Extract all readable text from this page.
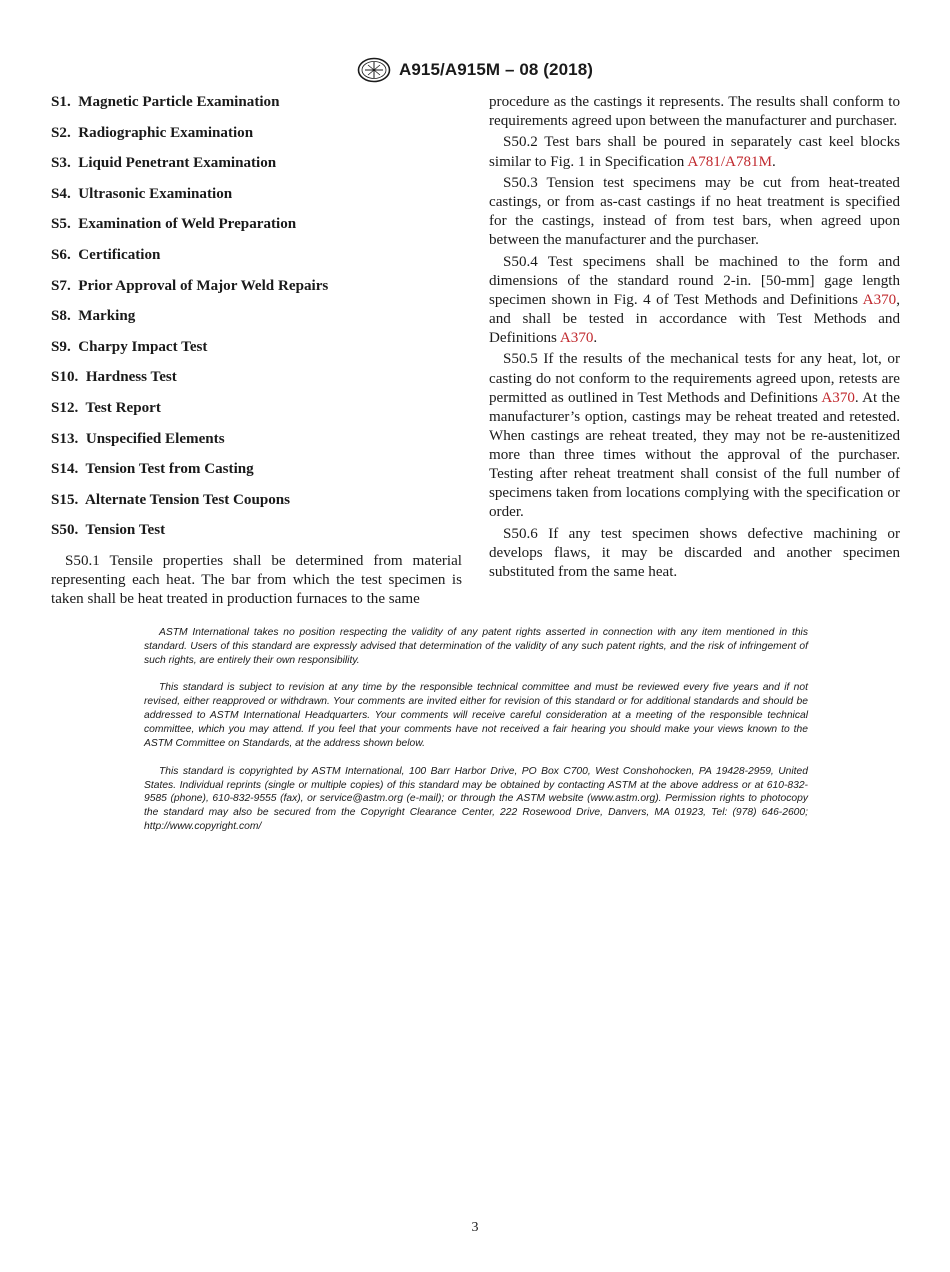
A915/A915M – 08 (2018)
S1. Magnetic Particle Examination
S2. Radiographic Examination
S3. Liquid Penetrant Examination
S4. Ultrasonic Examination
S5. Examination of Weld Preparation
S6. Certification
S7. Prior Approval of Major Weld Repairs
S8. Marking
S9. Charpy Impact Test
S10. Hardness Test
S12. Test Report
S13. Unspecified Elements
S14. Tension Test from Casting
S15. Alternate Tension Test Coupons
S50. Tension Test

S50.1 Tensile properties shall be determined from material representing each heat. The bar from which the test specimen is taken shall be heat treated in production furnaces to the same

procedure as the castings it represents. The results shall conform to requirements agreed upon between the manufacturer and purchaser.

S50.2 Test bars shall be poured in separately cast keel blocks similar to Fig. 1 in Specification A781/A781M.

S50.3 Tension test specimens may be cut from heat-treated castings, or from as-cast castings if no heat treatment is specified for the castings, instead of from test bars, when agreed upon between the manufacturer and the purchaser.

S50.4 Test specimens shall be machined to the form and dimensions of the standard round 2-in. [50-mm] gage length specimen shown in Fig. 4 of Test Methods and Definitions A370, and shall be tested in accordance with Test Methods and Definitions A370.

S50.5 If the results of the mechanical tests for any heat, lot, or casting do not conform to the requirements agreed upon, retests are permitted as outlined in Test Methods and Definitions A370. At the manufacturer’s option, castings may be reheat treated and retested. When castings are reheat treated, they may not be re-austenitized more than three times without the approval of the purchaser. Testing after reheat treatment shall consist of the full number of specimens taken from locations complying with the specification or order.

S50.6 If any test specimen shows defective machining or develops flaws, it may be discarded and another specimen substituted from the same heat.

ASTM International takes no position respecting the validity of any patent rights asserted in connection with any item mentioned in this standard. Users of this standard are expressly advised that determination of the validity of any such patent rights, and the risk of infringement of such rights, are entirely their own responsibility.

This standard is subject to revision at any time by the responsible technical committee and must be reviewed every five years and if not revised, either reapproved or withdrawn. Your comments are invited either for revision of this standard or for additional standards and should be addressed to ASTM International Headquarters. Your comments will receive careful consideration at a meeting of the responsible technical committee, which you may attend. If you feel that your comments have not received a fair hearing you should make your views known to the ASTM Committee on Standards, at the address shown below.

This standard is copyrighted by ASTM International, 100 Barr Harbor Drive, PO Box C700, West Conshohocken, PA 19428-2959, United States. Individual reprints (single or multiple copies) of this standard may be obtained by contacting ASTM at the above address or at 610-832-9585 (phone), 610-832-9555 (fax), or service@astm.org (e-mail); or through the ASTM website (www.astm.org). Permission rights to photocopy the standard may also be secured from the Copyright Clearance Center, 222 Rosewood Drive, Danvers, MA 01923, Tel: (978) 646-2600; http://www.copyright.com/

3
